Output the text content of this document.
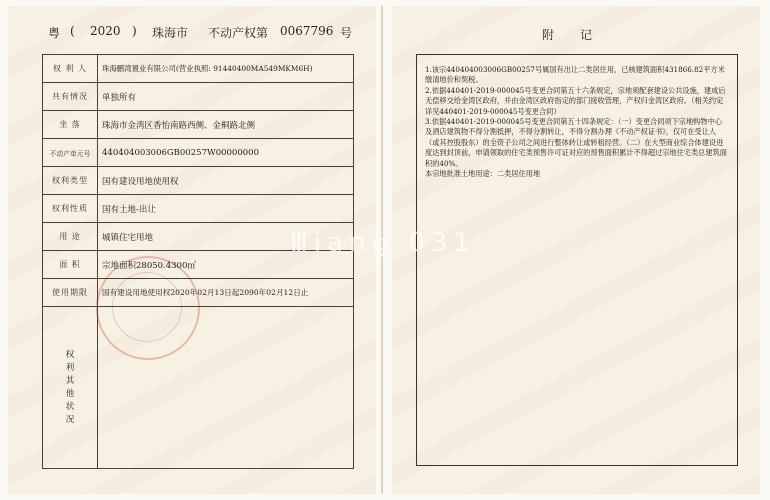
粤 ( 2020 ) 珠海市 不动产权第 0067796 号
权 利 人	珠海鹏湾置业有限公司(营业执照: 91440400MA549MKM6H)
共有情况	单独所有
坐 落	珠海市金湾区香怡南路西侧、金桐路北侧
不动产单元号	440404003006GB00257W00000000
权利类型	国有建设用地使用权
权利性质	国有土地-出让
用 途	城镇住宅用地
面 积	宗地面积28050.4300㎡
使用期限	国有建设用地使用权2020年02月13日起2090年02月12日止

权利其他状况	

附记

1.该宗440404003006GB00257号属国有出让二类居住用，已核建筑面积431866.82平方米缴清地价和契税。

2.依据440401-2019-000045号变更合同第五十六条规定，宗地须配套建设公共设施，建成后无偿移交给金湾区政府，并由金湾区政府指定的部门接收管理，产权归金湾区政府。（相关约定详见440401-2019-000045号变更合同）

3.依据440401-2019-000045号变更合同第五十四条规定：（一）变更合同项下宗地购物中心及酒店建筑物不得分割抵押，不得分割转让，不得分割办理《不动产权证书》，仅可在受让人（或其控股股东）的全资子公司之间进行整体转让或转租经营。（二）在大型商业综合体建设进度达到封顶前，申请领取的住宅类预售许可证对应的预售面积累计不得超过宗地住宅类总建筑面积的40%。

本宗地批准土地用途：二类居住用地

Ⅲiang 031
